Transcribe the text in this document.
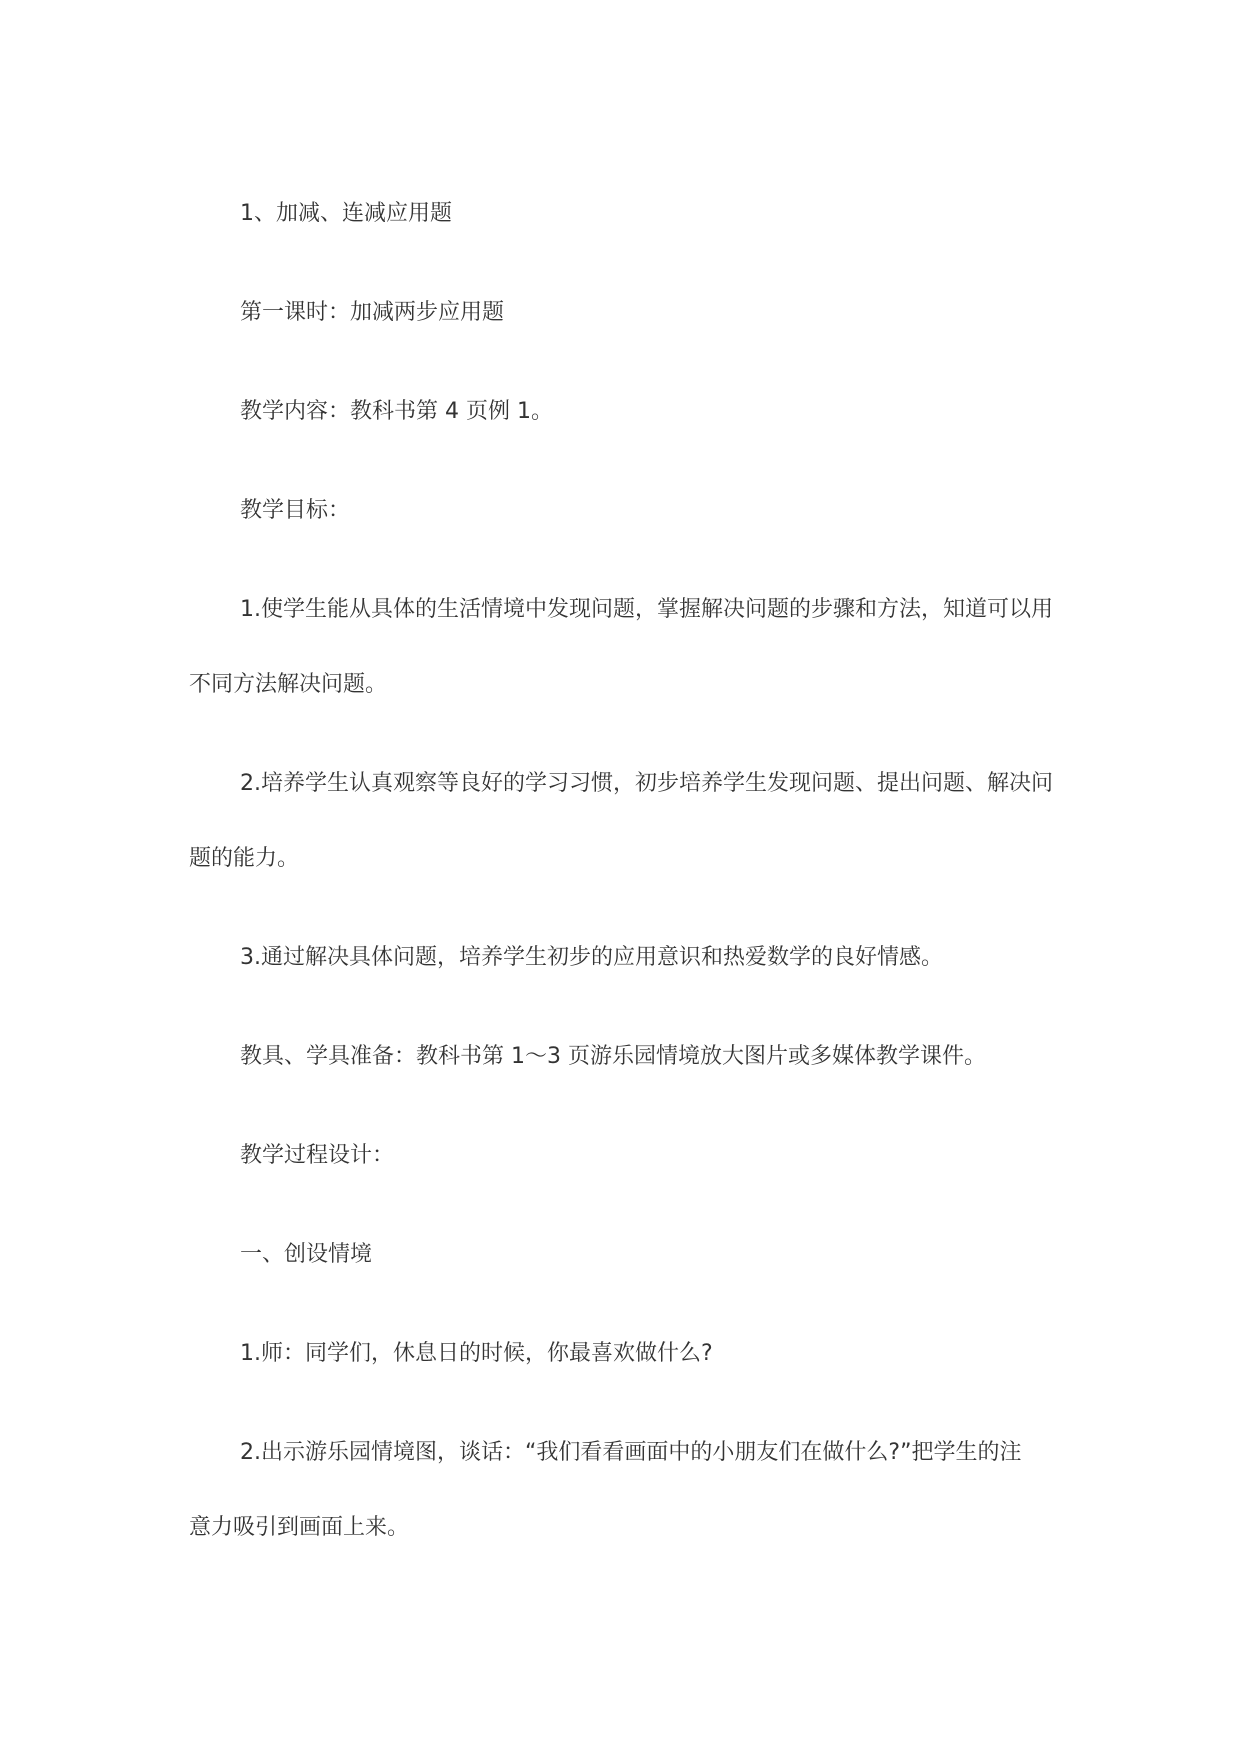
1、加减、连减应用题
第一课时：加减两步应用题
教学内容：教科书第 4 页例 1。
教学目标：
1.使学生能从具体的生活情境中发现问题，掌握解决问题的步骤和方法，知道可以用
不同方法解决问题。
2.培养学生认真观察等良好的学习习惯，初步培养学生发现问题、提出问题、解决问
题的能力。
3.通过解决具体问题，培养学生初步的应用意识和热爱数学的良好情感。
教具、学具准备：教科书第 1～3 页游乐园情境放大图片或多媒体教学课件。
教学过程设计：
一、创设情境
1.师：同学们，休息日的时候，你最喜欢做什么?
2.出示游乐园情境图，谈话：“我们看看画面中的小朋友们在做什么?”把学生的注
意力吸引到画面上来。
